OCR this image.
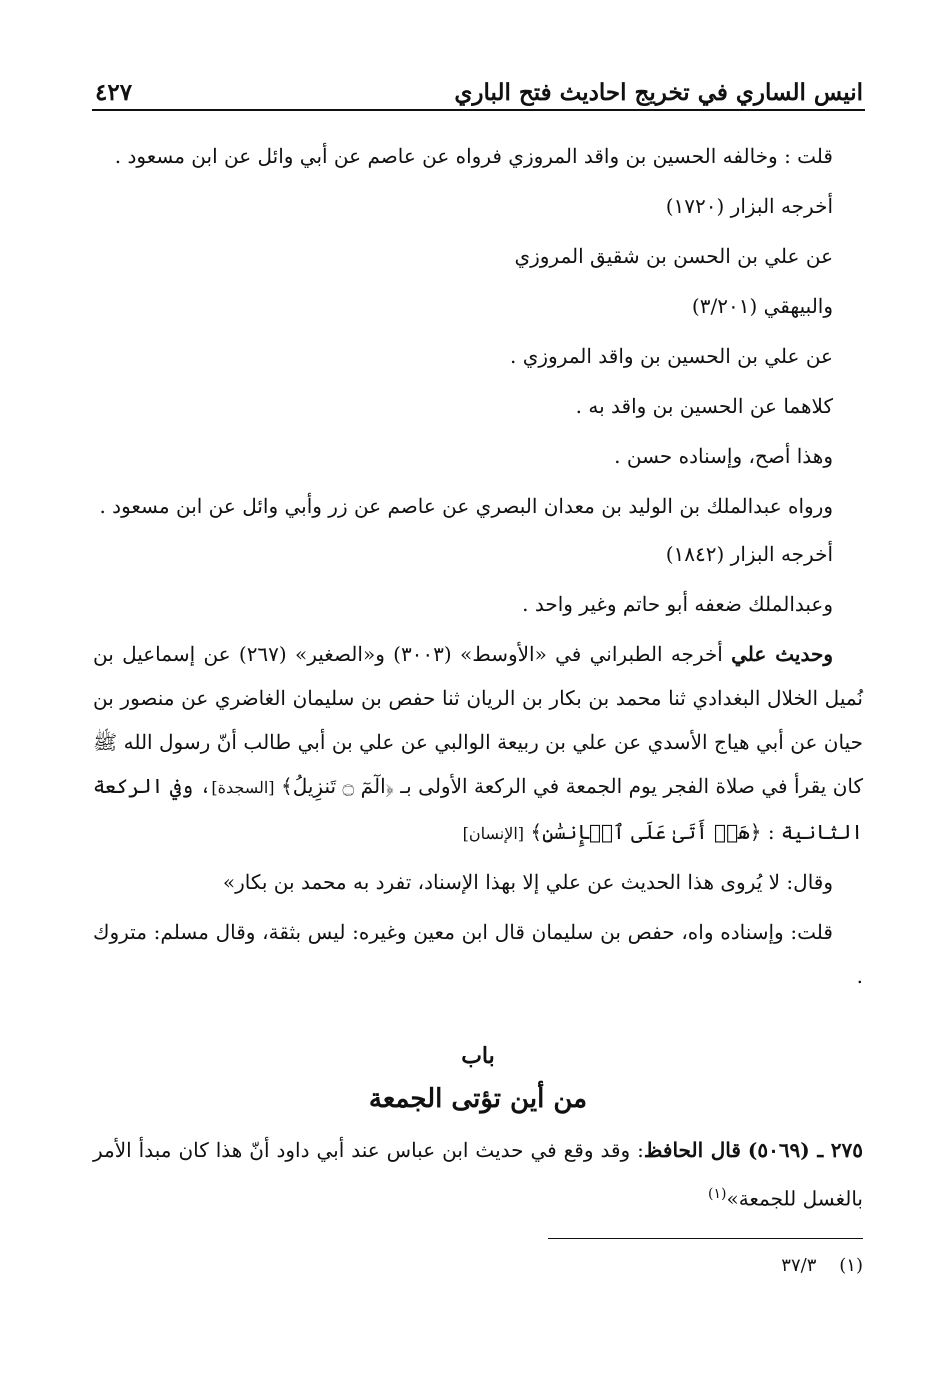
انيس الساري في تخريج احاديث فتح الباري
٤٢٧

قلت : وخالفه الحسين بن واقد المروزي فرواه عن عاصم عن أبي وائل عن ابن مسعود .

أخرجه البزار (١٧٢٠)

عن علي بن الحسن بن شقيق المروزي

والبيهقي (٣/٢٠١)

عن علي بن الحسين بن واقد المروزي .

كلاهما عن الحسين بن واقد به .

وهذا أصح، وإسناده حسن .

ورواه عبدالملك بن الوليد بن معدان البصري عن عاصم عن زر وأبي وائل عن ابن مسعود .

أخرجه البزار (١٨٤٢)

وعبدالملك ضعفه أبو حاتم وغير واحد .

وحديث علي أخرجه الطبراني في «الأوسط» (٣٠٠٣) و«الصغير» (٢٦٧) عن إسماعيل بن نُميل الخلال البغدادي ثنا محمد بن بكار بن الريان ثنا حفص بن سليمان الغاضري عن منصور بن حيان عن أبي هياج الأسدي عن علي بن ربيعة الوالبي عن علي بن أبي طالب أنّ رسول الله ﷺ كان يقرأ في صلاة الفجر يوم الجمعة في الركعة الأولى بـ ﴿الٓمٓ ۝ تَنزِيلُ﴾ [السجدة]، وفي الركعة الثانية : ﴿هَلۡ أَتَىٰ عَلَى ٱلۡإِنسَٰنِ﴾ [الإنسان]

وقال: لا يُروى هذا الحديث عن علي إلا بهذا الإسناد، تفرد به محمد بن بكار»

قلت: وإسناده واه، حفص بن سليمان قال ابن معين وغيره: ليس بثقة، وقال مسلم: متروك .

باب
من أين تؤتى الجمعة
٢٧٥ ـ (٥٠٦٩) قال الحافظ: وقد وقع في حديث ابن عباس عند أبي داود أنّ هذا كان مبدأ الأمر بالغسل للجمعة»$^{(١)}$
(١)    ٣٧/٣
